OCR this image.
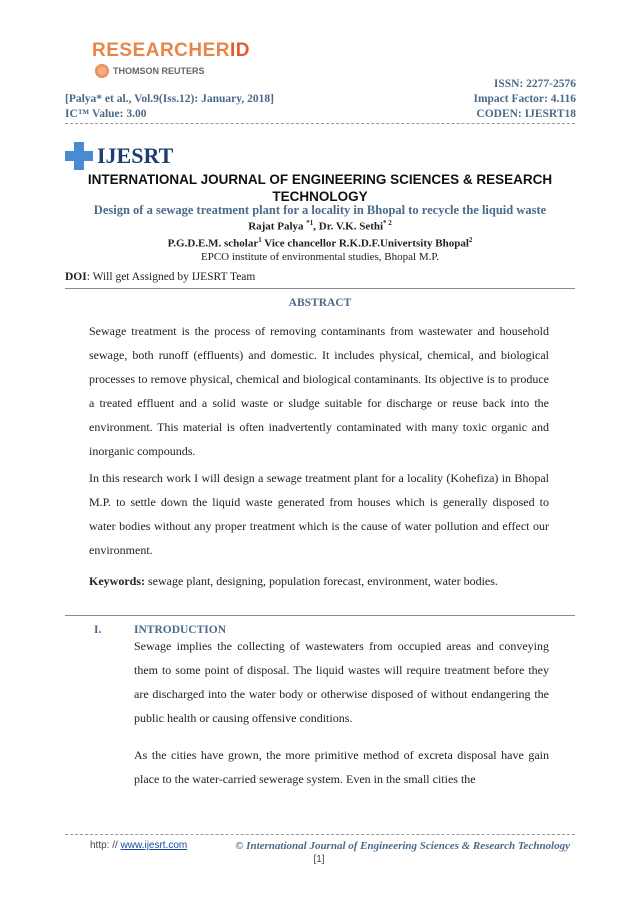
RESEARCHERID
THOMSON REUTERS
ISSN: 2277-2576
[Palya* et al., Vol.9(Iss.12): January, 2018]	Impact Factor: 4.116
IC™ Value: 3.00	CODEN: IJESRT18
IJESRT
INTERNATIONAL JOURNAL OF ENGINEERING SCIENCES & RESEARCH TECHNOLOGY
Design of a sewage treatment plant for a locality in Bhopal to recycle the liquid waste
Rajat Palya $^{*1}$, Dr. V.K. Sethi$^{* 2}$
P.G.D.E.M. scholar$^1$ Vice chancellor R.K.D.F.Univertsity Bhopal$^2$
EPCO institute of environmental studies, Bhopal M.P.
DOI: Will get Assigned by IJESRT Team
ABSTRACT
Sewage treatment is the process of removing contaminants from wastewater and household sewage, both runoff (effluents) and domestic. It includes physical, chemical, and biological processes to remove physical, chemical and biological contaminants. Its objective is to produce a treated effluent and a solid waste or sludge suitable for discharge or reuse back into the environment. This material is often inadvertently contaminated with many toxic organic and inorganic compounds.
In this research work I will design a sewage treatment plant for a locality (Kohefiza) in Bhopal M.P. to settle down the liquid waste generated from houses which is generally disposed to water bodies without any proper treatment which is the cause of water pollution and effect our environment.
Keywords: sewage plant, designing, population forecast, environment, water bodies.
I.	INTRODUCTION
Sewage implies the collecting of wastewaters from occupied areas and conveying them to some point of disposal. The liquid wastes will require treatment before they are discharged into the water body or otherwise disposed of without endangering the public health or causing offensive conditions.
As the cities have grown, the more primitive method of excreta disposal have gain place to the water-carried sewerage system. Even in the small cities the
http: // www.ijesrt.com	© International Journal of Engineering Sciences & Research Technology
[1]
